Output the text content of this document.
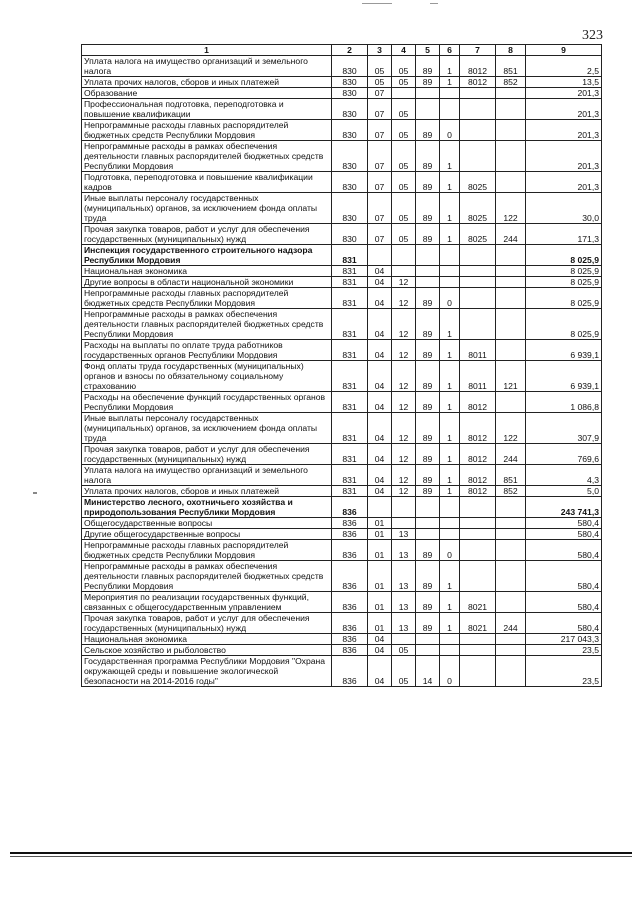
323
1	2	3	4	5	6	7	8	9
Уплата налога на имущество организаций и земельного налога	830	05	05	89	1	8012	851	2,5
Уплата прочих налогов, сборов и иных платежей	830	05	05	89	1	8012	852	13,5
Образование	830	07						201,3
Профессиональная подготовка, переподготовка и повышение квалификации	830	07	05					201,3
Непрограммные расходы главных распорядителей бюджетных средств Республики Мордовия	830	07	05	89	0			201,3
Непрограммные расходы в рамках обеспечения деятельности главных распорядителей бюджетных средств Республики Мордовия	830	07	05	89	1			201,3
Подготовка, переподготовка и повышение квалификации кадров	830	07	05	89	1	8025		201,3
Иные выплаты персоналу государственных (муниципальных) органов, за исключением фонда оплаты труда	830	07	05	89	1	8025	122	30,0
Прочая закупка товаров, работ и услуг для обеспечения государственных (муниципальных) нужд	830	07	05	89	1	8025	244	171,3
Инспекция государственного строительного надзора Республики Мордовия	831							8 025,9
Национальная экономика	831	04						8 025,9
Другие вопросы в области национальной экономики	831	04	12					8 025,9
Непрограммные расходы главных распорядителей бюджетных средств Республики Мордовия	831	04	12	89	0			8 025,9
Непрограммные расходы в рамках обеспечения деятельности главных распорядителей бюджетных средств Республики Мордовия	831	04	12	89	1			8 025,9
Расходы на выплаты по оплате труда работников государственных органов Республики Мордовия	831	04	12	89	1	8011		6 939,1
Фонд оплаты труда государственных (муниципальных) органов и взносы по обязательному социальному страхованию	831	04	12	89	1	8011	121	6 939,1
Расходы на обеспечение функций государственных органов Республики Мордовия	831	04	12	89	1	8012		1 086,8
Иные выплаты персоналу государственных (муниципальных) органов, за исключением фонда оплаты труда	831	04	12	89	1	8012	122	307,9
Прочая закупка товаров, работ и услуг для обеспечения государственных (муниципальных) нужд	831	04	12	89	1	8012	244	769,6
Уплата налога на имущество организаций и земельного налога	831	04	12	89	1	8012	851	4,3
Уплата прочих налогов, сборов и иных платежей	831	04	12	89	1	8012	852	5,0
Министерство лесного, охотничьего хозяйства и природопользования Республики Мордовия	836							243 741,3
Общегосударственные вопросы	836	01						580,4
Другие общегосударственные вопросы	836	01	13					580,4
Непрограммные расходы главных распорядителей бюджетных средств Республики Мордовия	836	01	13	89	0			580,4
Непрограммные расходы в рамках обеспечения деятельности главных распорядителей бюджетных средств Республики Мордовия	836	01	13	89	1			580,4
Мероприятия по реализации государственных функций, связанных с общегосударственным управлением	836	01	13	89	1	8021		580,4
Прочая закупка товаров, работ и услуг для обеспечения государственных (муниципальных) нужд	836	01	13	89	1	8021	244	580,4
Национальная экономика	836	04						217 043,3
Сельское хозяйство и рыболовство	836	04	05					23,5
Государственная программа Республики Мордовия "Охрана окружающей среды и повышение экологической безопасности на 2014-2016 годы"	836	04	05	14	0			23,5
